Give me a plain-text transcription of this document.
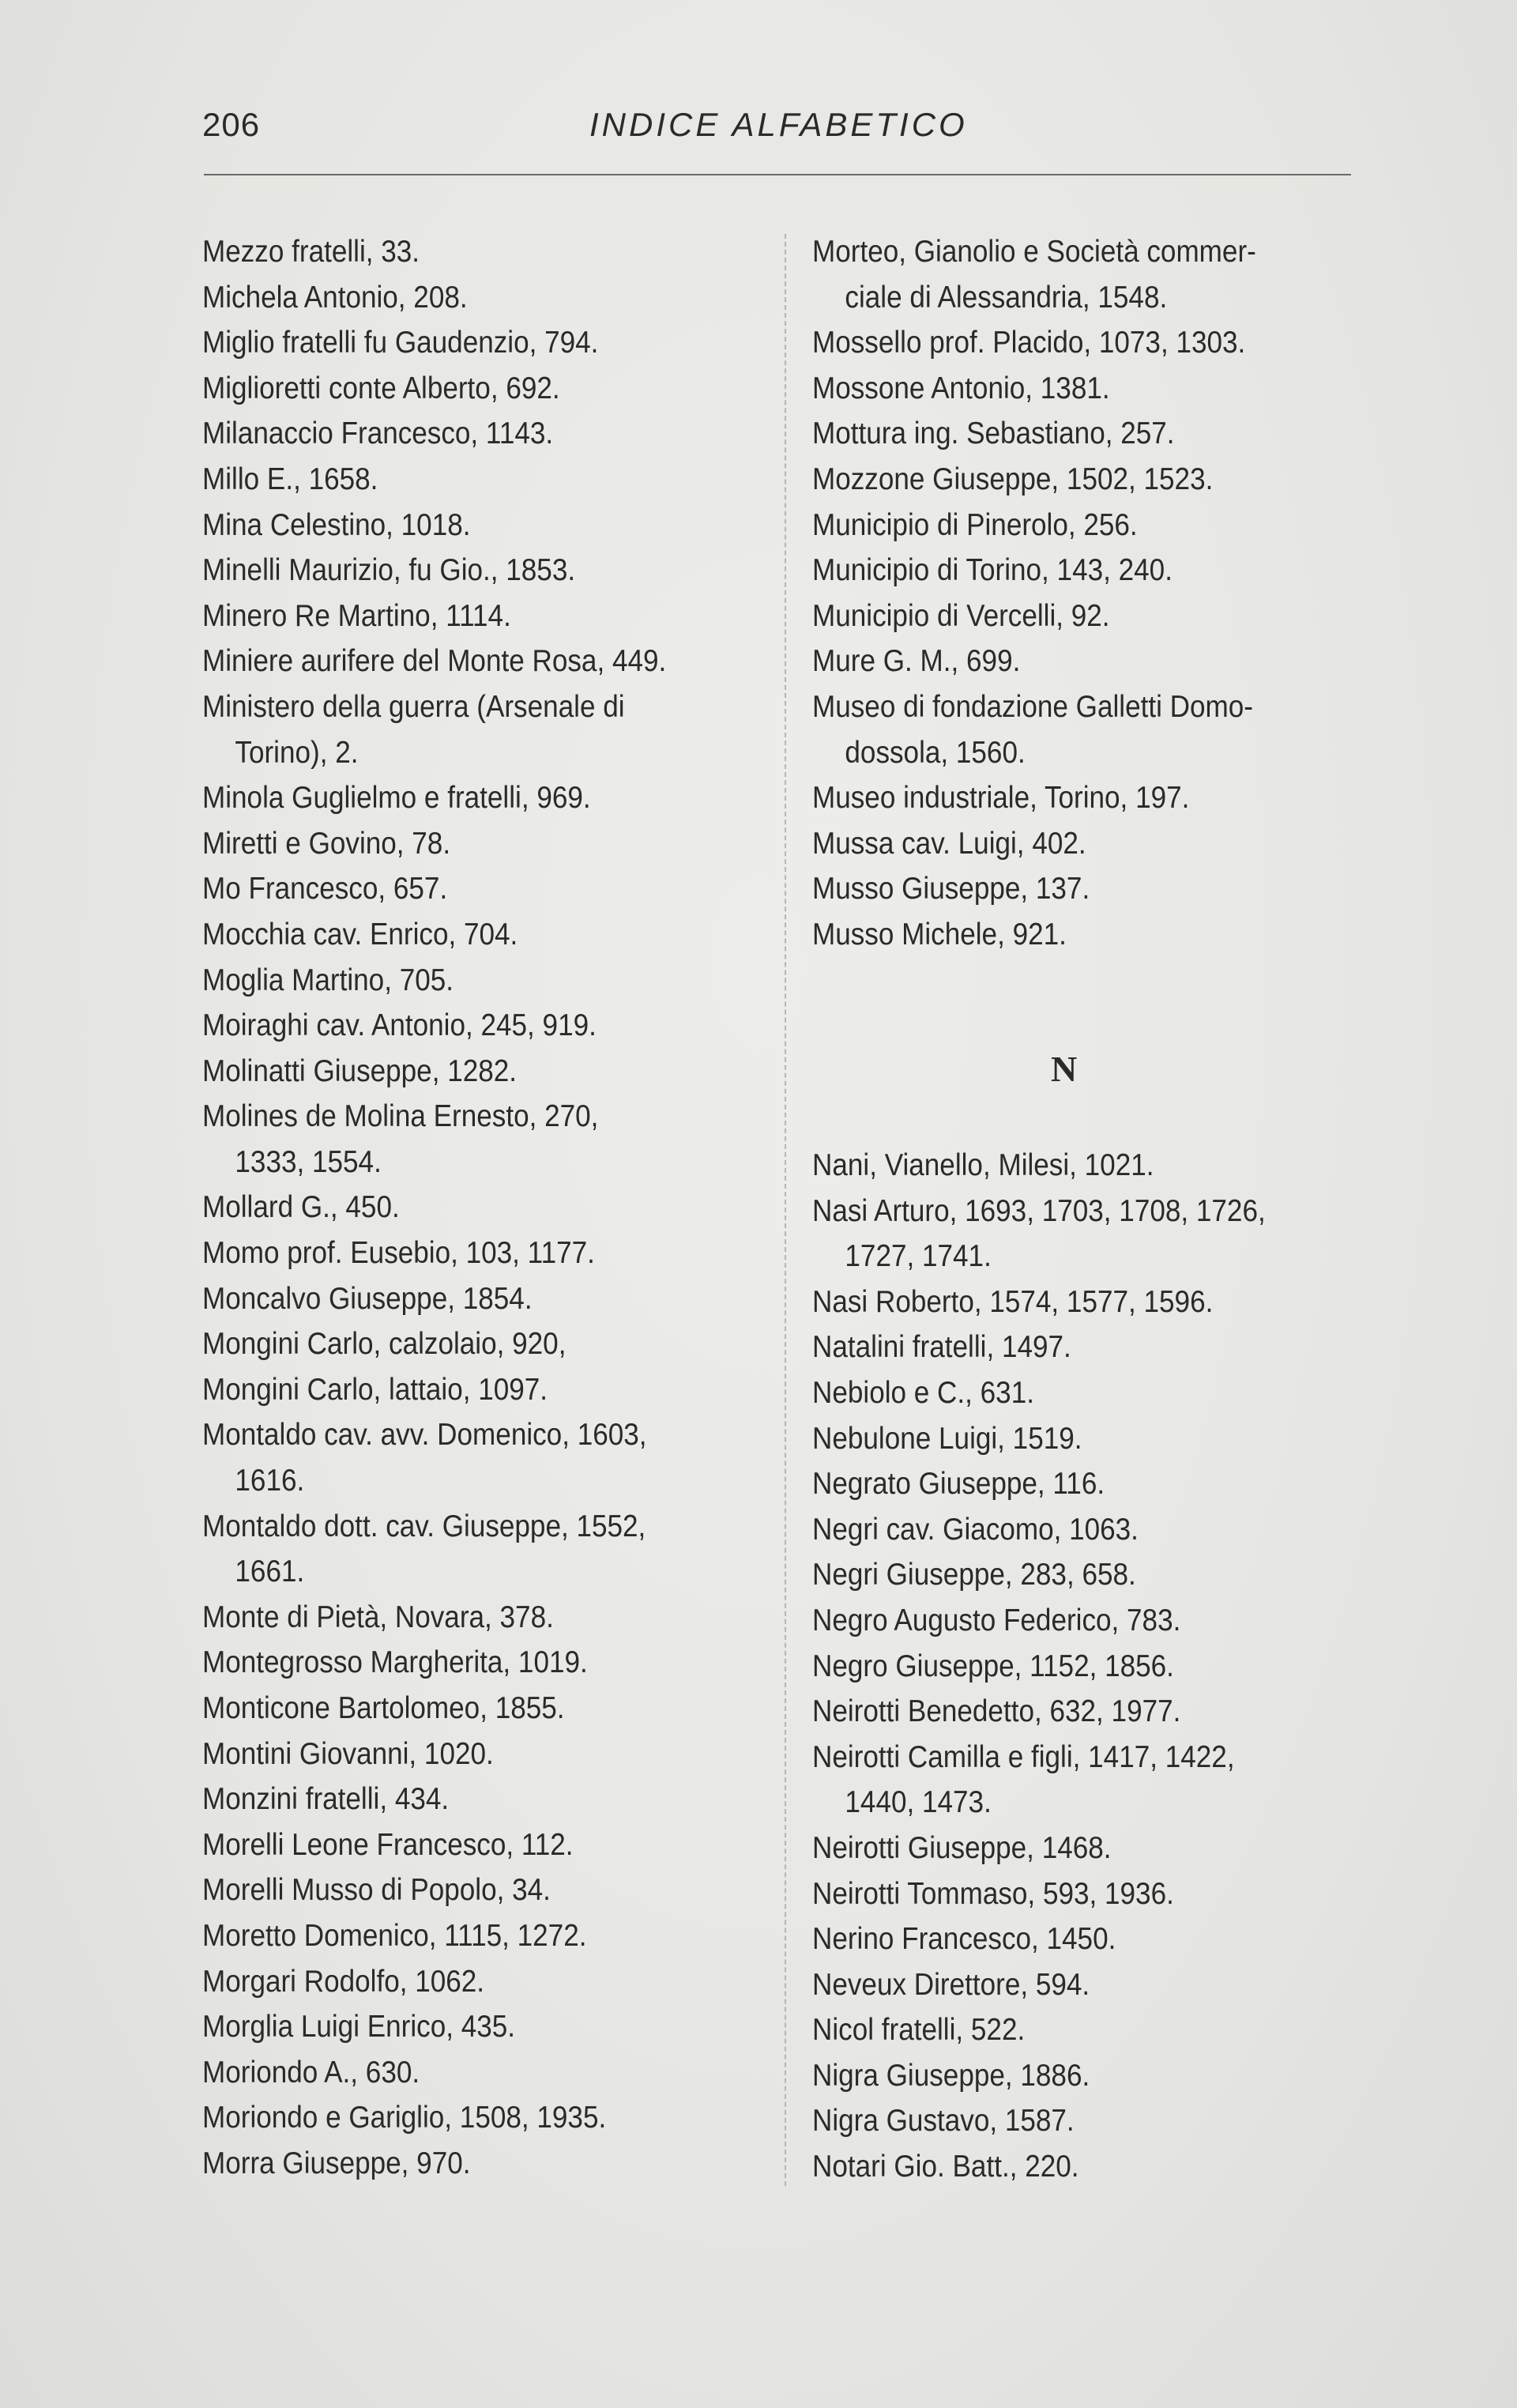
206	INDICE ALFABETICO
Mezzo fratelli, 33.
Michela Antonio, 208.
Miglio fratelli fu Gaudenzio, 794.
Miglioretti conte Alberto, 692.
Milanaccio Francesco, 1143.
Millo E., 1658.
Mina Celestino, 1018.
Minelli Maurizio, fu Gio., 1853.
Minero Re Martino, 1114.
Miniere aurifere del Monte Rosa, 449.
Ministero della guerra (Arsenale di
Torino), 2.
Minola Guglielmo e fratelli, 969.
Miretti e Govino, 78.
Mo Francesco, 657.
Mocchia cav. Enrico, 704.
Moglia Martino, 705.
Moiraghi cav. Antonio, 245, 919.
Molinatti Giuseppe, 1282.
Molines de Molina Ernesto, 270,
1333, 1554.
Mollard G., 450.
Momo prof. Eusebio, 103, 1177.
Moncalvo Giuseppe, 1854.
Mongini Carlo, calzolaio, 920,
Mongini Carlo, lattaio, 1097.
Montaldo cav. avv. Domenico, 1603,
1616.
Montaldo dott. cav. Giuseppe, 1552,
1661.
Monte di Pietà, Novara, 378.
Montegrosso Margherita, 1019.
Monticone Bartolomeo, 1855.
Montini Giovanni, 1020.
Monzini fratelli, 434.
Morelli Leone Francesco, 112.
Morelli Musso di Popolo, 34.
Moretto Domenico, 1115, 1272.
Morgari Rodolfo, 1062.
Morglia Luigi Enrico, 435.
Moriondo A., 630.
Moriondo e Gariglio, 1508, 1935.
Morra Giuseppe, 970.
Morteo, Gianolio e Società commer-
ciale di Alessandria, 1548.
Mossello prof. Placido, 1073, 1303.
Mossone Antonio, 1381.
Mottura ing. Sebastiano, 257.
Mozzone Giuseppe, 1502, 1523.
Municipio di Pinerolo, 256.
Municipio di Torino, 143, 240.
Municipio di Vercelli, 92.
Mure G. M., 699.
Museo di fondazione Galletti Domo-
dossola, 1560.
Museo industriale, Torino, 197.
Mussa cav. Luigi, 402.
Musso Giuseppe, 137.
Musso Michele, 921.
N
Nani, Vianello, Milesi, 1021.
Nasi Arturo, 1693, 1703, 1708, 1726,
1727, 1741.
Nasi Roberto, 1574, 1577, 1596.
Natalini fratelli, 1497.
Nebiolo e C., 631.
Nebulone Luigi, 1519.
Negrato Giuseppe, 116.
Negri cav. Giacomo, 1063.
Negri Giuseppe, 283, 658.
Negro Augusto Federico, 783.
Negro Giuseppe, 1152, 1856.
Neirotti Benedetto, 632, 1977.
Neirotti Camilla e figli, 1417, 1422,
1440, 1473.
Neirotti Giuseppe, 1468.
Neirotti Tommaso, 593, 1936.
Nerino Francesco, 1450.
Neveux Direttore, 594.
Nicol fratelli, 522.
Nigra Giuseppe, 1886.
Nigra Gustavo, 1587.
Notari Gio. Batt., 220.
